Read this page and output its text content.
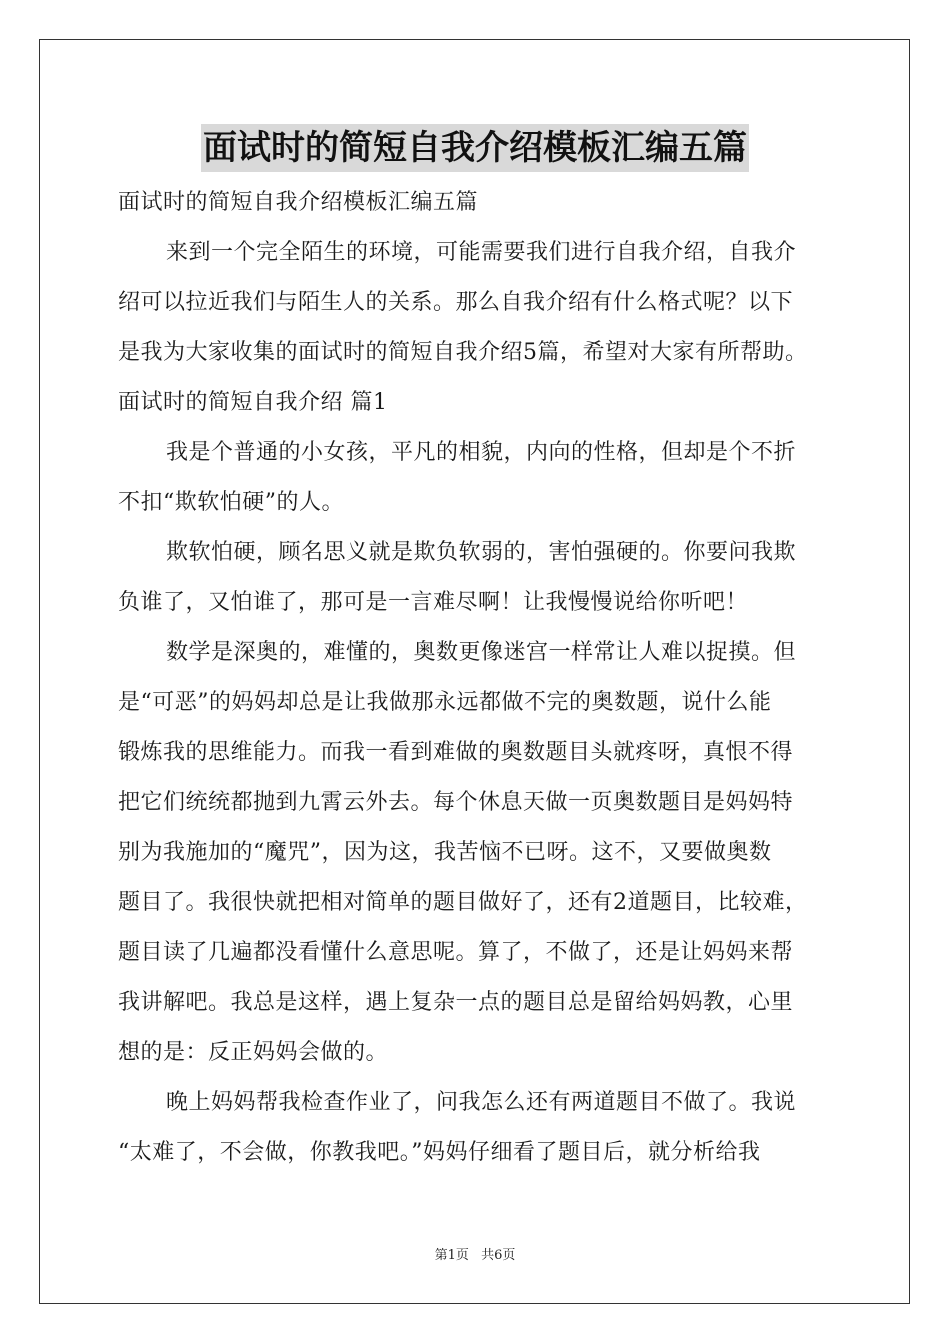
面试时的简短自我介绍模板汇编五篇
面试时的简短自我介绍模板汇编五篇
来到一个完全陌生的环境，可能需要我们进行自我介绍，自我介
绍可以拉近我们与陌生人的关系。那么自我介绍有什么格式呢？以下
是我为大家收集的面试时的简短自我介绍5篇，希望对大家有所帮助。
面试时的简短自我介绍 篇1
我是个普通的小女孩，平凡的相貌，内向的性格，但却是个不折
不扣“欺软怕硬”的人。
欺软怕硬，顾名思义就是欺负软弱的，害怕强硬的。你要问我欺
负谁了，又怕谁了，那可是一言难尽啊！让我慢慢说给你听吧！
数学是深奥的，难懂的，奥数更像迷宫一样常让人难以捉摸。但
是“可恶”的妈妈却总是让我做那永远都做不完的奥数题，说什么能
锻炼我的思维能力。而我一看到难做的奥数题目头就疼呀，真恨不得
把它们统统都抛到九霄云外去。每个休息天做一页奥数题目是妈妈特
别为我施加的“魔咒”，因为这，我苦恼不已呀。这不，又要做奥数
题目了。我很快就把相对简单的题目做好了，还有2道题目，比较难，
题目读了几遍都没看懂什么意思呢。算了，不做了，还是让妈妈来帮
我讲解吧。我总是这样，遇上复杂一点的题目总是留给妈妈教，心里
想的是：反正妈妈会做的。
晚上妈妈帮我检查作业了，问我怎么还有两道题目不做了。我说
“太难了，不会做，你教我吧。”妈妈仔细看了题目后，就分析给我
第1页 共6页
